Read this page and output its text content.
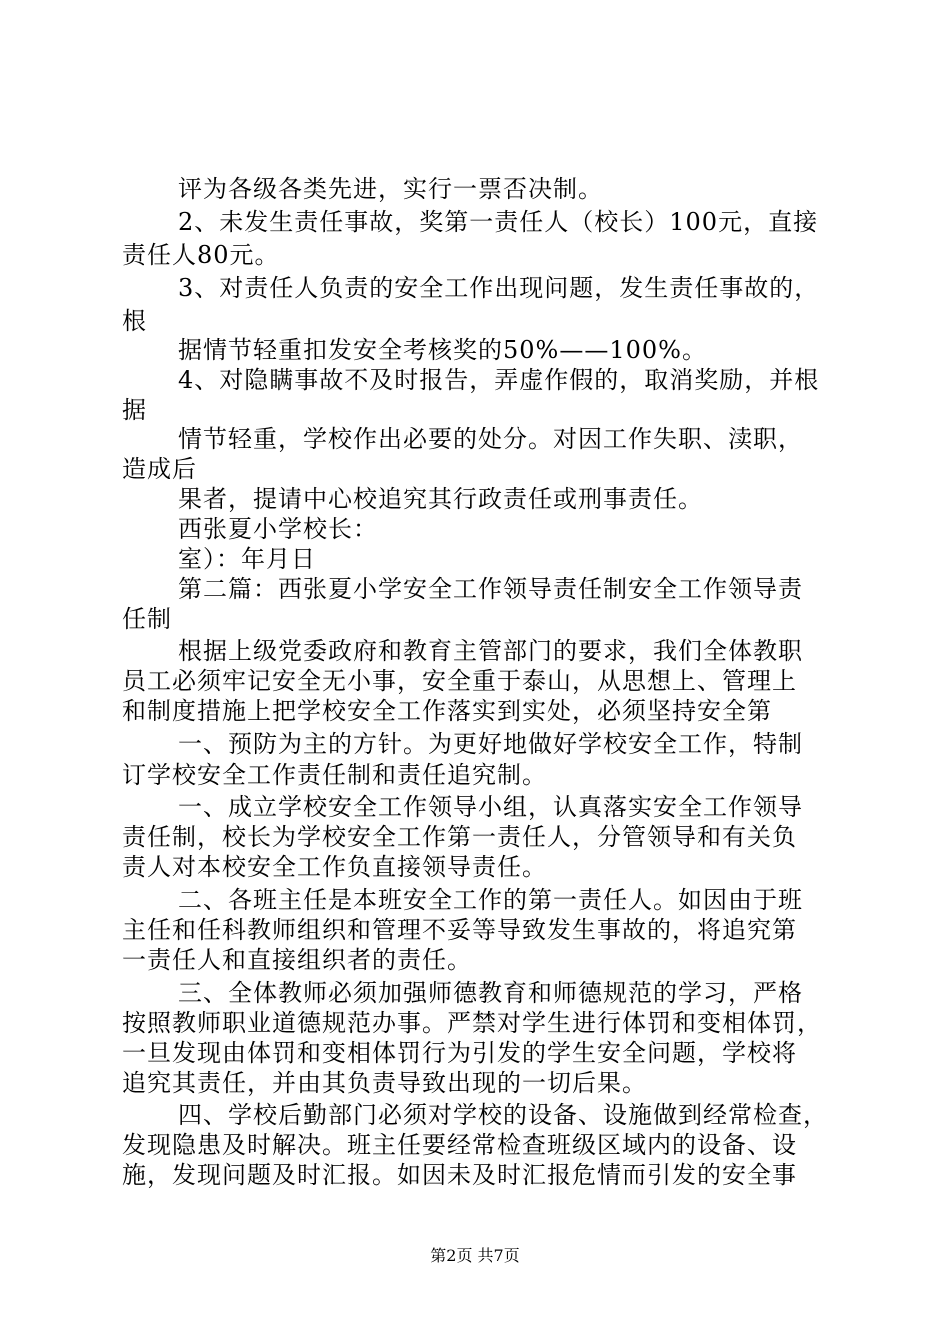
评为各级各类先进，实行一票否决制。
2、未发生责任事故，奖第一责任人（校长）100元，直接
责任人80元。
3、对责任人负责的安全工作出现问题，发生责任事故的，
根
据情节轻重扣发安全考核奖的50%——100%。
4、对隐瞒事故不及时报告，弄虚作假的，取消奖励，并根
据
情节轻重，学校作出必要的处分。对因工作失职、渎职，
造成后
果者，提请中心校追究其行政责任或刑事责任。
西张夏小学校长：
室）：年月日
第二篇：西张夏小学安全工作领导责任制安全工作领导责
任制
根据上级党委政府和教育主管部门的要求，我们全体教职
员工必须牢记安全无小事，安全重于泰山，从思想上、管理上
和制度措施上把学校安全工作落实到实处，必须坚持安全第
一、预防为主的方针。为更好地做好学校安全工作，特制
订学校安全工作责任制和责任追究制。
一、成立学校安全工作领导小组，认真落实安全工作领导
责任制，校长为学校安全工作第一责任人，分管领导和有关负
责人对本校安全工作负直接领导责任。
二、各班主任是本班安全工作的第一责任人。如因由于班
主任和任科教师组织和管理不妥等导致发生事故的，将追究第
一责任人和直接组织者的责任。
三、全体教师必须加强师德教育和师德规范的学习，严格
按照教师职业道德规范办事。严禁对学生进行体罚和变相体罚，
一旦发现由体罚和变相体罚行为引发的学生安全问题，学校将
追究其责任，并由其负责导致出现的一切后果。
四、学校后勤部门必须对学校的设备、设施做到经常检查，
发现隐患及时解决。班主任要经常检查班级区域内的设备、设
施，发现问题及时汇报。如因未及时汇报危情而引发的安全事
第2页 共7页
